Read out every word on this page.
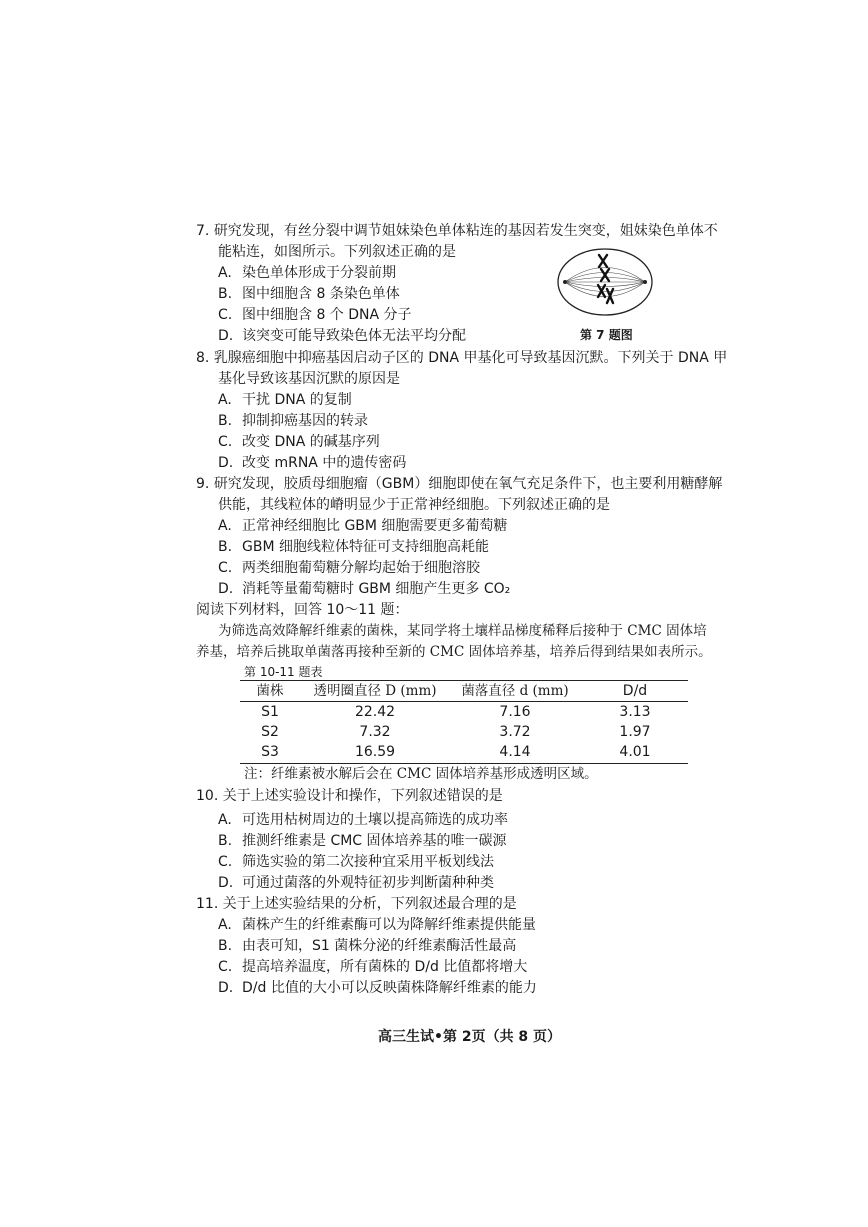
7. 研究发现，有丝分裂中调节姐妹染色单体粘连的基因若发生突变，姐妹染色单体不
能粘连，如图所示。下列叙述正确的是
A. 染色单体形成于分裂前期
B. 图中细胞含 8 条染色单体
C. 图中细胞含 8 个 DNA 分子
D. 该突变可能导致染色体无法平均分配	第 7 题图
8. 乳腺癌细胞中抑癌基因启动子区的 DNA 甲基化可导致基因沉默。下列关于 DNA 甲
基化导致该基因沉默的原因是
A. 干扰 DNA 的复制
B. 抑制抑癌基因的转录
C. 改变 DNA 的碱基序列
D. 改变 mRNA 中的遗传密码
9. 研究发现，胶质母细胞瘤（GBM）细胞即使在氧气充足条件下，也主要利用糖酵解
供能，其线粒体的嵴明显少于正常神经细胞。下列叙述正确的是
A. 正常神经细胞比 GBM 细胞需要更多葡萄糖
B. GBM 细胞线粒体特征可支持细胞高耗能
C. 两类细胞葡萄糖分解均起始于细胞溶胶
D. 消耗等量葡萄糖时 GBM 细胞产生更多 CO₂
阅读下列材料，回答 10～11 题：
为筛选高效降解纤维素的菌株，某同学将土壤样品梯度稀释后接种于 CMC 固体培
养基，培养后挑取单菌落再接种至新的 CMC 固体培养基，培养后得到结果如表所示。
第 10-11 题表
菌株	透明圈直径 D (mm)	菌落直径 d (mm)	D/d
S1	22.42	7.16	3.13
S2	7.32	3.72	1.97
S3	16.59	4.14	4.01
注：纤维素被水解后会在 CMC 固体培养基形成透明区域。
10. 关于上述实验设计和操作，下列叙述错误的是
A. 可选用枯树周边的土壤以提高筛选的成功率
B. 推测纤维素是 CMC 固体培养基的唯一碳源
C. 筛选实验的第二次接种宜采用平板划线法
D. 可通过菌落的外观特征初步判断菌种种类
11. 关于上述实验结果的分析，下列叙述最合理的是
A. 菌株产生的纤维素酶可以为降解纤维素提供能量
B. 由表可知，S1 菌株分泌的纤维素酶活性最高
C. 提高培养温度，所有菌株的 D/d 比值都将增大
D. D/d 比值的大小可以反映菌株降解纤维素的能力
高三生试•第 2页（共 8 页）
